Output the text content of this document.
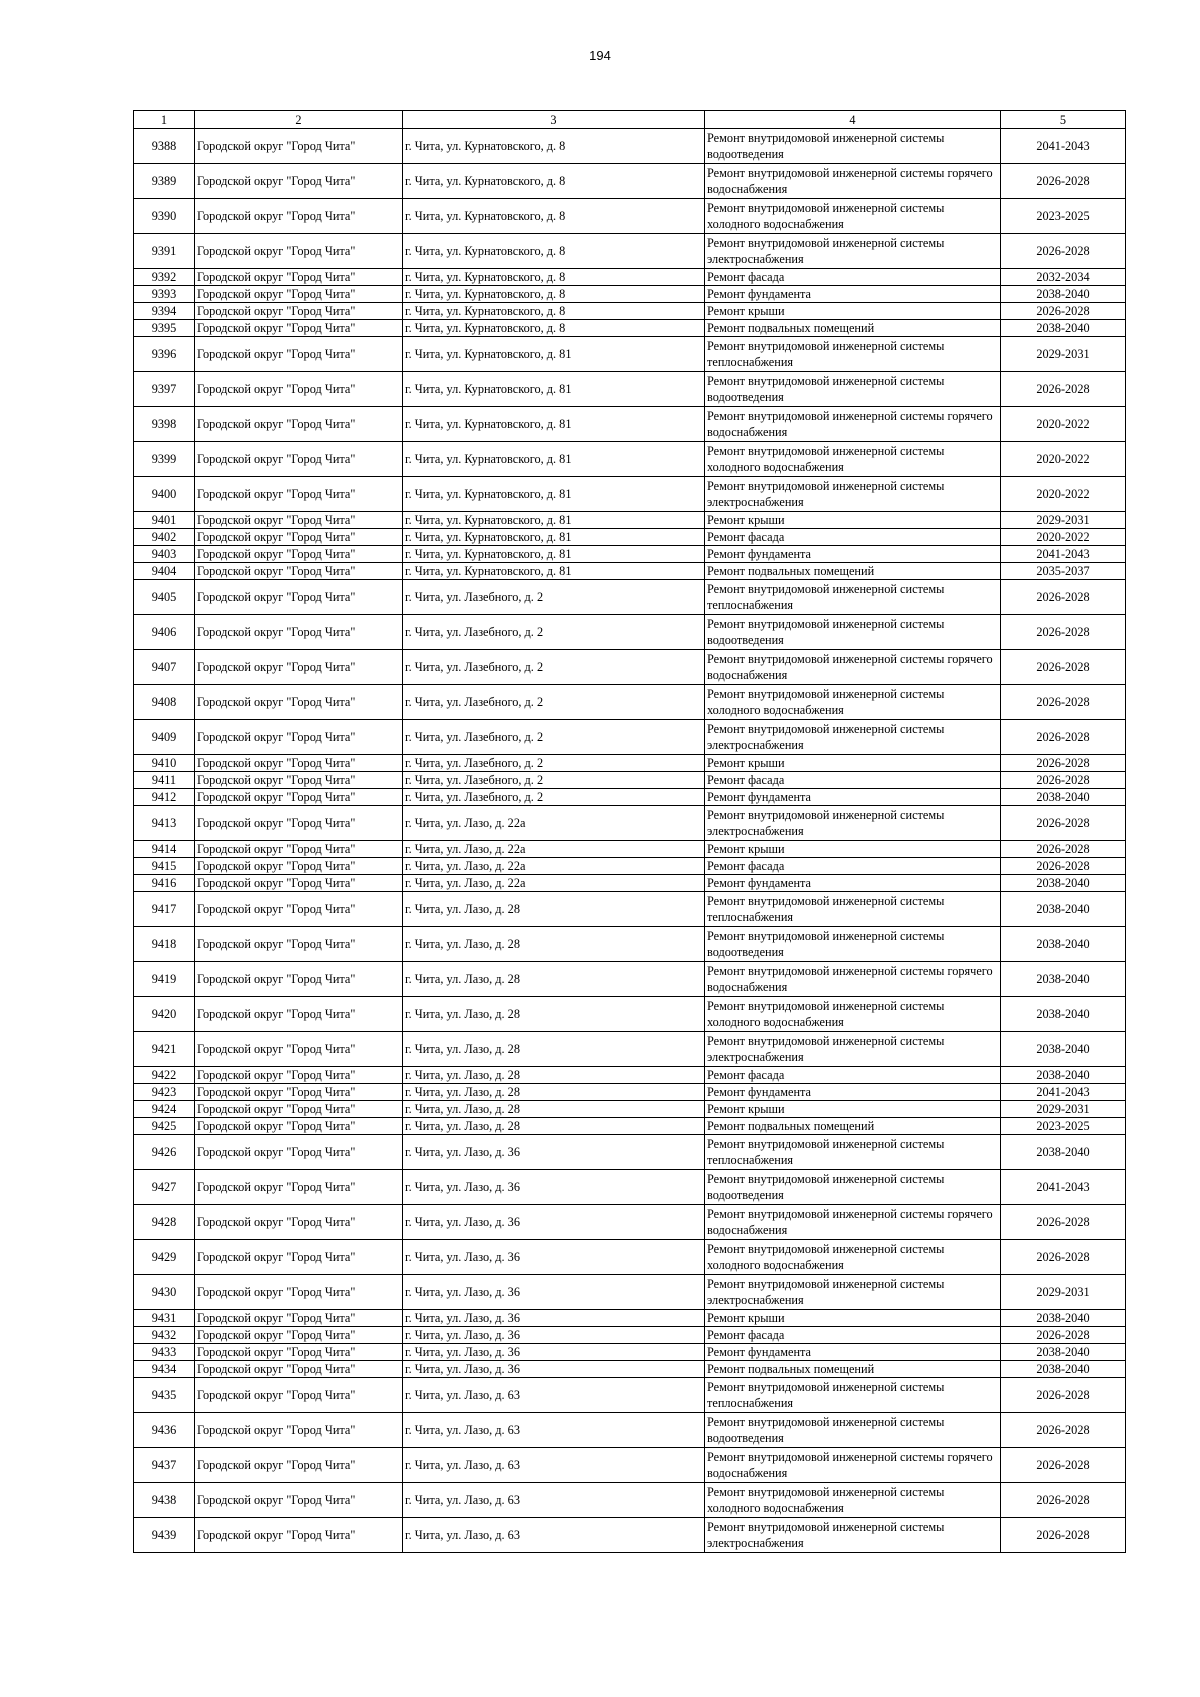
194
1	2	3	4	5
9388	Городской округ "Город Чита"	г. Чита, ул. Курнатовского, д. 8	Ремонт внутридомовой инженерной системы водоотведения	2041-2043
9389	Городской округ "Город Чита"	г. Чита, ул. Курнатовского, д. 8	Ремонт внутридомовой инженерной системы горячего водоснабжения	2026-2028
9390	Городской округ "Город Чита"	г. Чита, ул. Курнатовского, д. 8	Ремонт внутридомовой инженерной системы холодного водоснабжения	2023-2025
9391	Городской округ "Город Чита"	г. Чита, ул. Курнатовского, д. 8	Ремонт внутридомовой инженерной системы электроснабжения	2026-2028
9392	Городской округ "Город Чита"	г. Чита, ул. Курнатовского, д. 8	Ремонт фасада	2032-2034
9393	Городской округ "Город Чита"	г. Чита, ул. Курнатовского, д. 8	Ремонт фундамента	2038-2040
9394	Городской округ "Город Чита"	г. Чита, ул. Курнатовского, д. 8	Ремонт крыши	2026-2028
9395	Городской округ "Город Чита"	г. Чита, ул. Курнатовского, д. 8	Ремонт подвальных помещений	2038-2040
9396	Городской округ "Город Чита"	г. Чита, ул. Курнатовского, д. 81	Ремонт внутридомовой инженерной системы теплоснабжения	2029-2031
9397	Городской округ "Город Чита"	г. Чита, ул. Курнатовского, д. 81	Ремонт внутридомовой инженерной системы водоотведения	2026-2028
9398	Городской округ "Город Чита"	г. Чита, ул. Курнатовского, д. 81	Ремонт внутридомовой инженерной системы горячего водоснабжения	2020-2022
9399	Городской округ "Город Чита"	г. Чита, ул. Курнатовского, д. 81	Ремонт внутридомовой инженерной системы холодного водоснабжения	2020-2022
9400	Городской округ "Город Чита"	г. Чита, ул. Курнатовского, д. 81	Ремонт внутридомовой инженерной системы электроснабжения	2020-2022
9401	Городской округ "Город Чита"	г. Чита, ул. Курнатовского, д. 81	Ремонт крыши	2029-2031
9402	Городской округ "Город Чита"	г. Чита, ул. Курнатовского, д. 81	Ремонт фасада	2020-2022
9403	Городской округ "Город Чита"	г. Чита, ул. Курнатовского, д. 81	Ремонт фундамента	2041-2043
9404	Городской округ "Город Чита"	г. Чита, ул. Курнатовского, д. 81	Ремонт подвальных помещений	2035-2037
9405	Городской округ "Город Чита"	г. Чита, ул. Лазебного, д. 2	Ремонт внутридомовой инженерной системы теплоснабжения	2026-2028
9406	Городской округ "Город Чита"	г. Чита, ул. Лазебного, д. 2	Ремонт внутридомовой инженерной системы водоотведения	2026-2028
9407	Городской округ "Город Чита"	г. Чита, ул. Лазебного, д. 2	Ремонт внутридомовой инженерной системы горячего водоснабжения	2026-2028
9408	Городской округ "Город Чита"	г. Чита, ул. Лазебного, д. 2	Ремонт внутридомовой инженерной системы холодного водоснабжения	2026-2028
9409	Городской округ "Город Чита"	г. Чита, ул. Лазебного, д. 2	Ремонт внутридомовой инженерной системы электроснабжения	2026-2028
9410	Городской округ "Город Чита"	г. Чита, ул. Лазебного, д. 2	Ремонт крыши	2026-2028
9411	Городской округ "Город Чита"	г. Чита, ул. Лазебного, д. 2	Ремонт фасада	2026-2028
9412	Городской округ "Город Чита"	г. Чита, ул. Лазебного, д. 2	Ремонт фундамента	2038-2040
9413	Городской округ "Город Чита"	г. Чита, ул. Лазо, д. 22а	Ремонт внутридомовой инженерной системы электроснабжения	2026-2028
9414	Городской округ "Город Чита"	г. Чита, ул. Лазо, д. 22а	Ремонт крыши	2026-2028
9415	Городской округ "Город Чита"	г. Чита, ул. Лазо, д. 22а	Ремонт фасада	2026-2028
9416	Городской округ "Город Чита"	г. Чита, ул. Лазо, д. 22а	Ремонт фундамента	2038-2040
9417	Городской округ "Город Чита"	г. Чита, ул. Лазо, д. 28	Ремонт внутридомовой инженерной системы теплоснабжения	2038-2040
9418	Городской округ "Город Чита"	г. Чита, ул. Лазо, д. 28	Ремонт внутридомовой инженерной системы водоотведения	2038-2040
9419	Городской округ "Город Чита"	г. Чита, ул. Лазо, д. 28	Ремонт внутридомовой инженерной системы горячего водоснабжения	2038-2040
9420	Городской округ "Город Чита"	г. Чита, ул. Лазо, д. 28	Ремонт внутридомовой инженерной системы холодного водоснабжения	2038-2040
9421	Городской округ "Город Чита"	г. Чита, ул. Лазо, д. 28	Ремонт внутридомовой инженерной системы электроснабжения	2038-2040
9422	Городской округ "Город Чита"	г. Чита, ул. Лазо, д. 28	Ремонт фасада	2038-2040
9423	Городской округ "Город Чита"	г. Чита, ул. Лазо, д. 28	Ремонт фундамента	2041-2043
9424	Городской округ "Город Чита"	г. Чита, ул. Лазо, д. 28	Ремонт крыши	2029-2031
9425	Городской округ "Город Чита"	г. Чита, ул. Лазо, д. 28	Ремонт подвальных помещений	2023-2025
9426	Городской округ "Город Чита"	г. Чита, ул. Лазо, д. 36	Ремонт внутридомовой инженерной системы теплоснабжения	2038-2040
9427	Городской округ "Город Чита"	г. Чита, ул. Лазо, д. 36	Ремонт внутридомовой инженерной системы водоотведения	2041-2043
9428	Городской округ "Город Чита"	г. Чита, ул. Лазо, д. 36	Ремонт внутридомовой инженерной системы горячего водоснабжения	2026-2028
9429	Городской округ "Город Чита"	г. Чита, ул. Лазо, д. 36	Ремонт внутридомовой инженерной системы холодного водоснабжения	2026-2028
9430	Городской округ "Город Чита"	г. Чита, ул. Лазо, д. 36	Ремонт внутридомовой инженерной системы электроснабжения	2029-2031
9431	Городской округ "Город Чита"	г. Чита, ул. Лазо, д. 36	Ремонт крыши	2038-2040
9432	Городской округ "Город Чита"	г. Чита, ул. Лазо, д. 36	Ремонт фасада	2026-2028
9433	Городской округ "Город Чита"	г. Чита, ул. Лазо, д. 36	Ремонт фундамента	2038-2040
9434	Городской округ "Город Чита"	г. Чита, ул. Лазо, д. 36	Ремонт подвальных помещений	2038-2040
9435	Городской округ "Город Чита"	г. Чита, ул. Лазо, д. 63	Ремонт внутридомовой инженерной системы теплоснабжения	2026-2028
9436	Городской округ "Город Чита"	г. Чита, ул. Лазо, д. 63	Ремонт внутридомовой инженерной системы водоотведения	2026-2028
9437	Городской округ "Город Чита"	г. Чита, ул. Лазо, д. 63	Ремонт внутридомовой инженерной системы горячего водоснабжения	2026-2028
9438	Городской округ "Город Чита"	г. Чита, ул. Лазо, д. 63	Ремонт внутридомовой инженерной системы холодного водоснабжения	2026-2028
9439	Городской округ "Город Чита"	г. Чита, ул. Лазо, д. 63	Ремонт внутридомовой инженерной системы электроснабжения	2026-2028
